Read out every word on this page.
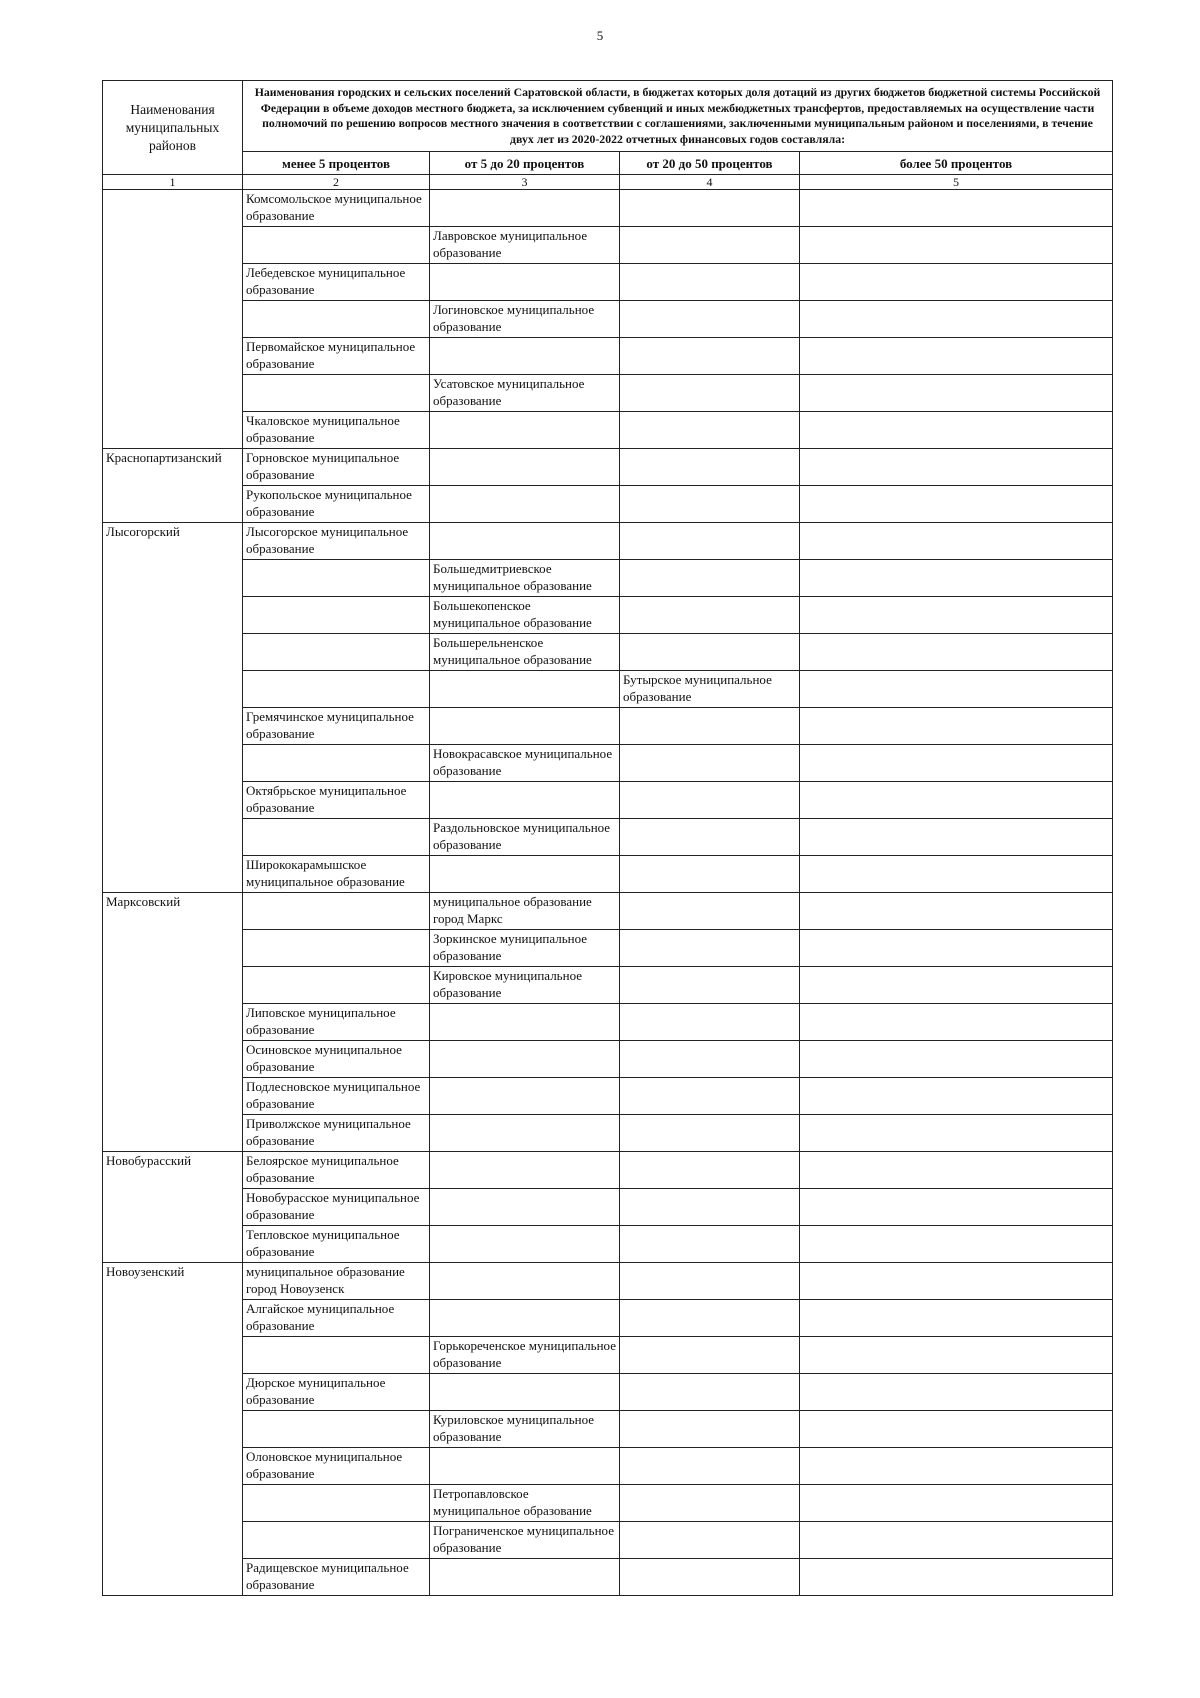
5
Наименования муниципальных районов	Наименования городских и сельских поселений Саратовской области, в бюджетах которых доля дотаций из других бюджетов бюджетной системы Российской Федерации в объеме доходов местного бюджета, за исключением субвенций и иных межбюджетных трансфертов, предоставляемых на осуществление части полномочий по решению вопросов местного значения в соответствии с соглашениями, заключенными муниципальным районом и поселениями, в течение двух лет из 2020-2022 отчетных финансовых годов составляла:			
	менее 5 процентов	от 5 до 20 процентов	от 20 до 50 процентов	более 50 процентов
1	2	3	4	5
	Комсомольское муниципальное образование			
		Лавровское муниципальное образование		
	Лебедевское муниципальное образование			
		Логиновское муниципальное образование		
	Первомайское муниципальное образование			
		Усатовское муниципальное образование		
	Чкаловское муниципальное образование			
Краснопартизанский	Горновское муниципальное образование			
	Рукопольское муниципальное образование			
Лысогорский	Лысогорское муниципальное образование			
		Большедмитриевское муниципальное образование		
		Большекопенское муниципальное образование		
		Большерельненское муниципальное образование		
			Бутырское муниципальное образование	
	Гремячинское муниципальное образование			
		Новокрасавское муниципальное образование		
	Октябрьское муниципальное образование			
		Раздольновское муниципальное образование		
	Ширококарамышское муниципальное образование			
Марксовский		муниципальное образование город Маркс		
		Зоркинское муниципальное образование		
		Кировское муниципальное образование		
	Липовское муниципальное образование			
	Осиновское муниципальное образование			
	Подлесновское муниципальное образование			
	Приволжское муниципальное образование			
Новобурасский	Белоярское муниципальное образование			
	Новобурасское муниципальное образование			
	Тепловское муниципальное образование			
Новоузенский	муниципальное образование город Новоузенск			
	Алгайское муниципальное образование			
		Горькореченское муниципальное образование		
	Дюрское муниципальное образование			
		Куриловское муниципальное образование		
	Олоновское муниципальное образование			
		Петропавловское муниципальное образование		
		Пограниченское муниципальное образование		
	Радищевское муниципальное образование			
